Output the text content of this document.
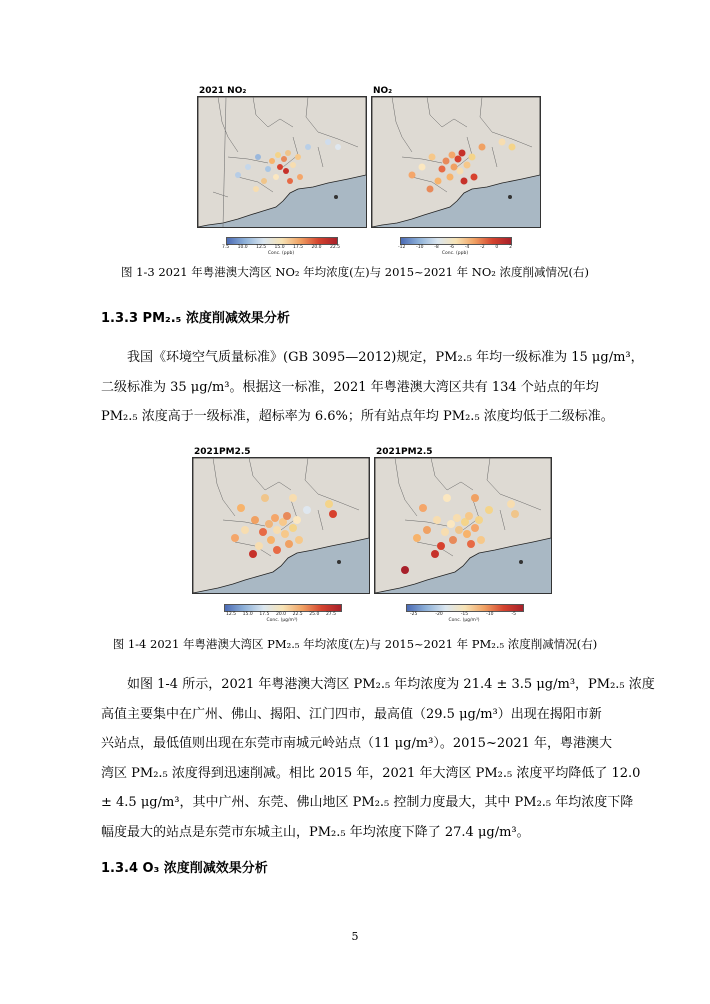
2021 NO₂
7.5 10.0 12.5 15.0 17.5 20.0 22.5
Conc. (ppb)
NO₂
-12 -10 -8 -6 -4 -2 0 2
Conc. (ppb)
图 1-3 2021 年粤港澳大湾区 NO₂ 年均浓度(左)与 2015~2021 年 NO₂ 浓度削减情况(右)
1.3.3 PM₂.₅ 浓度削减效果分析
我国《环境空气质量标准》(GB 3095—2012)规定，PM₂.₅ 年均一级标准为 15 μg/m³，
二级标准为 35 μg/m³。根据这一标准，2021 年粤港澳大湾区共有 134 个站点的年均
PM₂.₅ 浓度高于一级标准，超标率为 6.6%；所有站点年均 PM₂.₅ 浓度均低于二级标准。
2021PM2.5
12.5 15.0 17.5 20.0 22.5 25.0 27.5
Conc. (μg/m³)
2021PM2.5
-25	-20	-15	-10	-5
Conc. (μg/m³)
图 1-4 2021 年粤港澳大湾区 PM₂.₅ 年均浓度(左)与 2015~2021 年 PM₂.₅ 浓度削减情况(右)
如图 1-4 所示，2021 年粤港澳大湾区 PM₂.₅ 年均浓度为 21.4 ± 3.5 μg/m³，PM₂.₅ 浓度
高值主要集中在广州、佛山、揭阳、江门四市，最高值（29.5 μg/m³）出现在揭阳市新
兴站点，最低值则出现在东莞市南城元岭站点（11 μg/m³）。2015~2021 年，粤港澳大
湾区 PM₂.₅ 浓度得到迅速削减。相比 2015 年，2021 年大湾区 PM₂.₅ 浓度平均降低了 12.0
± 4.5 μg/m³，其中广州、东莞、佛山地区 PM₂.₅ 控制力度最大，其中 PM₂.₅ 年均浓度下降
幅度最大的站点是东莞市东城主山，PM₂.₅ 年均浓度下降了 27.4 μg/m³。
1.3.4 O₃ 浓度削减效果分析
5
